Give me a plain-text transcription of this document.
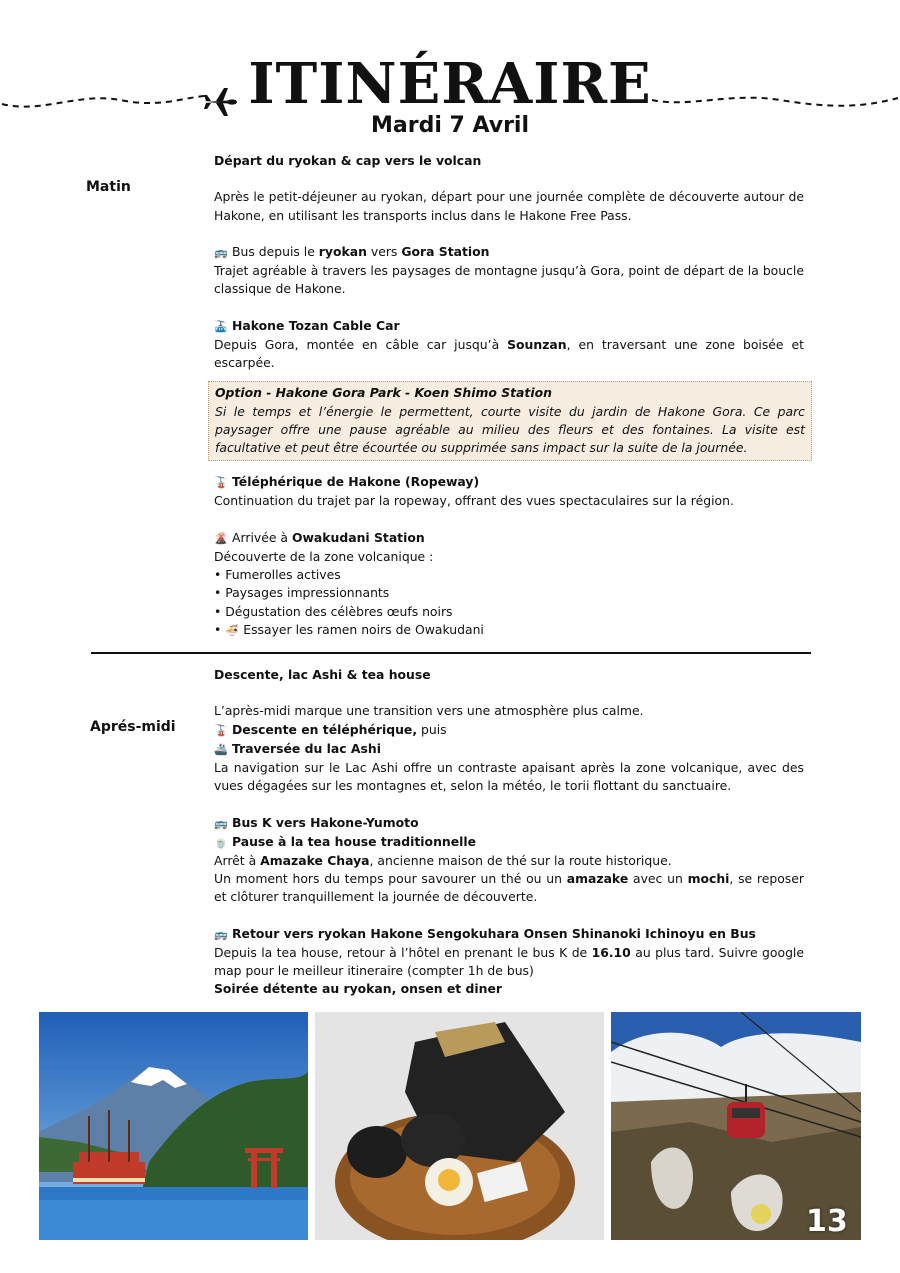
ITINÉRAIRE
Mardi 7 Avril
Matin
Départ du ryokan & cap vers le volcan

Après le petit-déjeuner au ryokan, départ pour une journée complète de découverte autour de Hakone, en utilisant les transports inclus dans le Hakone Free Pass.

🚌 Bus depuis le ryokan vers Gora Station

Trajet agréable à travers les paysages de montagne jusqu’à Gora, point de départ de la boucle classique de Hakone.

🚠 Hakone Tozan Cable Car

Depuis Gora, montée en câble car jusqu’à Sounzan, en traversant une zone boisée et escarpée.

Option - Hakone Gora Park - Koen Shimo Station

Si le temps et l’énergie le permettent, courte visite du jardin de Hakone Gora. Ce parc paysager offre une pause agréable au milieu des fleurs et des fontaines. La visite est facultative et peut être écourtée ou supprimée sans impact sur la suite de la journée.

🚡 Téléphérique de Hakone (Ropeway)

Continuation du trajet par la ropeway, offrant des vues spectaculaires sur la région.

🌋 Arrivée à Owakudani Station
Découverte de la zone volcanique :
• Fumerolles actives
• Paysages impressionnants
• Dégustation des célèbres œufs noirs
• 🍜 Essayer les ramen noirs de Owakudani
Aprés-midi
Descente, lac Ashi & tea house

L’après-midi marque une transition vers une atmosphère plus calme.

🚡 Descente en téléphérique, puis
🚢 Traversée du lac Ashi

La navigation sur le Lac Ashi offre un contraste apaisant après la zone volcanique, avec des vues dégagées sur les montagnes et, selon la météo, le torii flottant du sanctuaire.

🚌 Bus K vers Hakone-Yumoto
🍵 Pause à la tea house traditionnelle
Arrêt à Amazake Chaya, ancienne maison de thé sur la route historique.

Un moment hors du temps pour savourer un thé ou un amazake avec un mochi, se reposer et clôturer tranquillement la journée de découverte.

🚌 Retour vers ryokan Hakone Sengokuhara Onsen Shinanoki Ichinoyu en Bus

Depuis la tea house, retour à l’hôtel en prenant le bus K de 16.10 au plus tard. Suivre google map pour le meilleur itineraire (compter 1h de bus)

Soirée détente au ryokan, onsen et diner
13
